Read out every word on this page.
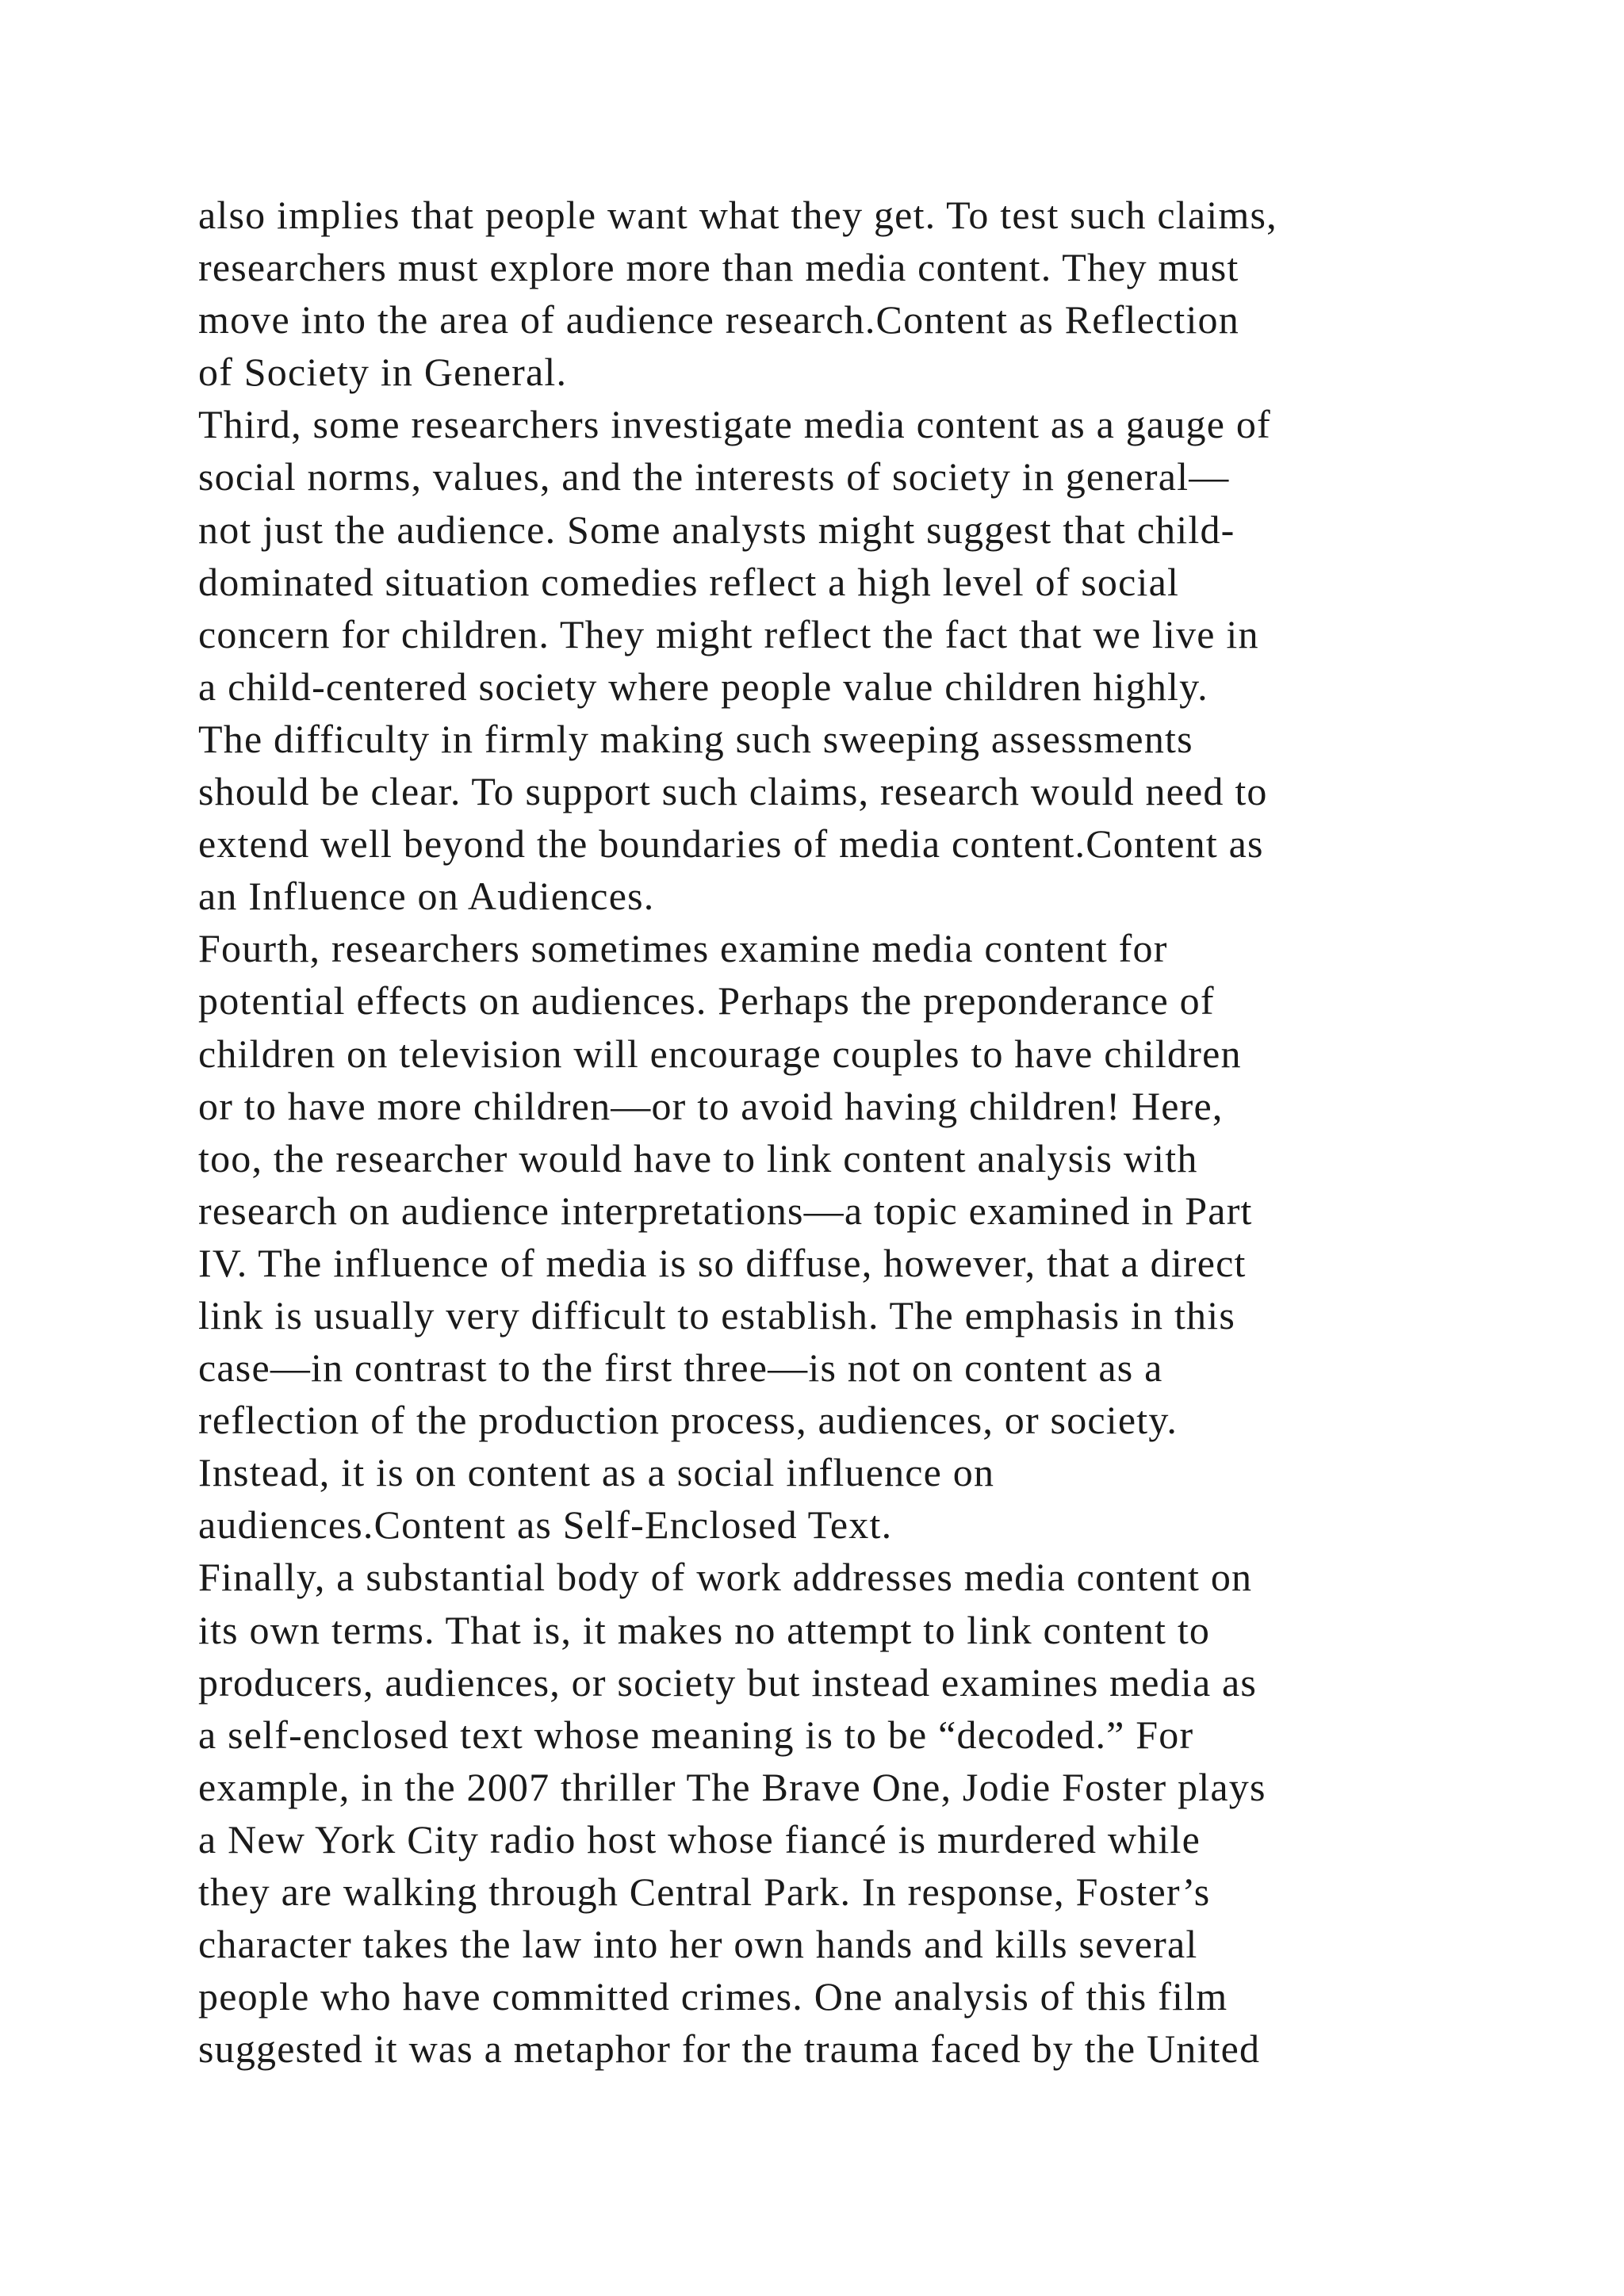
also implies that people want what they get. To test such claims,
researchers must explore more than media content. They must
move into the area of audience research.Content as Reflection
of Society in General.
Third, some researchers investigate media content as a gauge of
social norms, values, and the interests of society in general—
not just the audience. Some analysts might suggest that child-
dominated situation comedies reflect a high level of social
concern for children. They might reflect the fact that we live in
a child-centered society where people value children highly.
The difficulty in firmly making such sweeping assessments
should be clear. To support such claims, research would need to
extend well beyond the boundaries of media content.Content as
an Influence on Audiences.
Fourth, researchers sometimes examine media content for
potential effects on audiences. Perhaps the preponderance of
children on television will encourage couples to have children
or to have more children—or to avoid having children! Here,
too, the researcher would have to link content analysis with
research on audience interpretations—a topic examined in Part
IV. The influence of media is so diffuse, however, that a direct
link is usually very difficult to establish. The emphasis in this
case—in contrast to the first three—is not on content as a
reflection of the production process, audiences, or society.
Instead, it is on content as a social influence on
audiences.Content as Self-Enclosed Text.
Finally, a substantial body of work addresses media content on
its own terms. That is, it makes no attempt to link content to
producers, audiences, or society but instead examines media as
a self-enclosed text whose meaning is to be “decoded.” For
example, in the 2007 thriller The Brave One, Jodie Foster plays
a New York City radio host whose fiancé is murdered while
they are walking through Central Park. In response, Foster’s
character takes the law into her own hands and kills several
people who have committed crimes. One analysis of this film
suggested it was a metaphor for the trauma faced by the United
